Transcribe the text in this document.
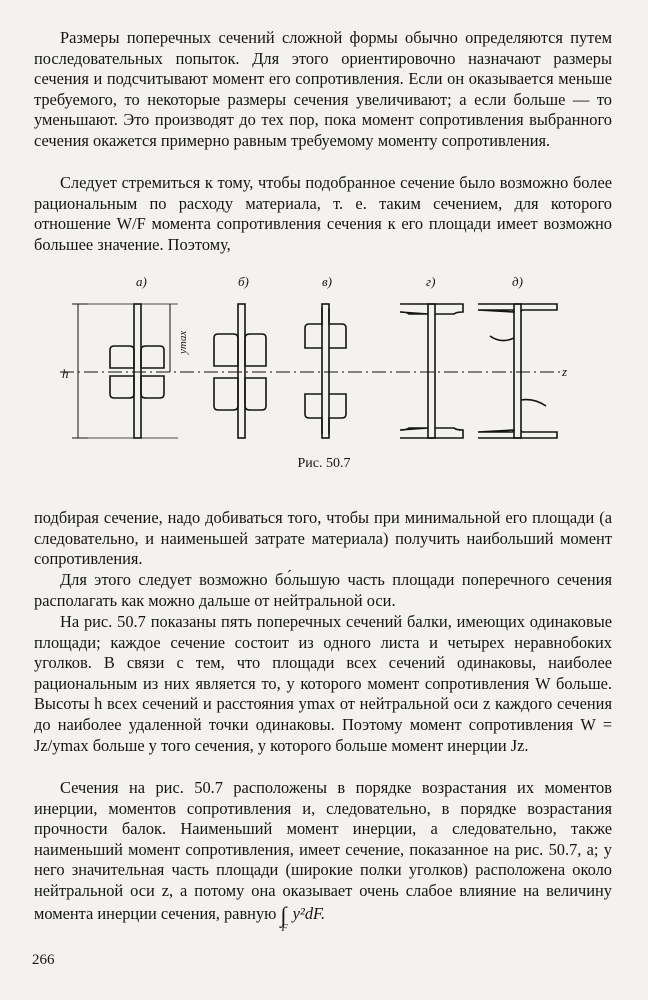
Размеры поперечных сечений сложной формы обычно определяются путем последовательных попыток. Для этого ориентировочно назначают размеры сечения и подсчитывают момент его сопротивления. Если он оказывается меньше требуемого, то некоторые размеры сечения увеличивают; а если больше — то уменьшают. Это производят до тех пор, пока момент сопротивления выбранного сечения окажется примерно равным требуемому моменту сопротивления.

Следует стремиться к тому, чтобы подобранное сечение было возможно более рациональным по расходу материала, т. е. таким сечением, для которого отношение W/F момента сопротивления сечения к его площади имеет возможно большее значение. Поэтому,

а)	б)	в)	г)	д)
z
h
ymax
Рис. 50.7

подбирая сечение, надо добиваться того, чтобы при минимальной его площади (а следовательно, и наименьшей затрате материала) получить наибольший момент сопротивления.

Для этого следует возможно бо́льшую часть площади поперечного сечения располагать как можно дальше от нейтральной оси.

На рис. 50.7 показаны пять поперечных сечений балки, имеющих одинаковые площади; каждое сечение состоит из одного листа и четырех неравнобоких уголков. В связи с тем, что площади всех сечений одинаковы, наиболее рациональным из них является то, у которого момент сопротивления W больше. Высоты h всех сечений и расстояния ymax от нейтральной оси z каждого сечения до наиболее удаленной точки одинаковы. Поэтому момент сопротивления W = Jz/ymax больше у того сечения, у которого больше момент инерции Jz.

Сечения на рис. 50.7 расположены в порядке возрастания их моментов инерции, моментов сопротивления и, следовательно, в порядке возрастания прочности балок. Наименьший момент инерции, а следовательно, также наименьший момент сопротивления, имеет сечение, показанное на рис. 50.7, а; у него значительная часть площади (широкие полки уголков) расположена около нейтральной оси z, а потому она оказывает очень слабое влияние на величину момента инерции сечения, равную $\int_Fy^2dF$.

266
